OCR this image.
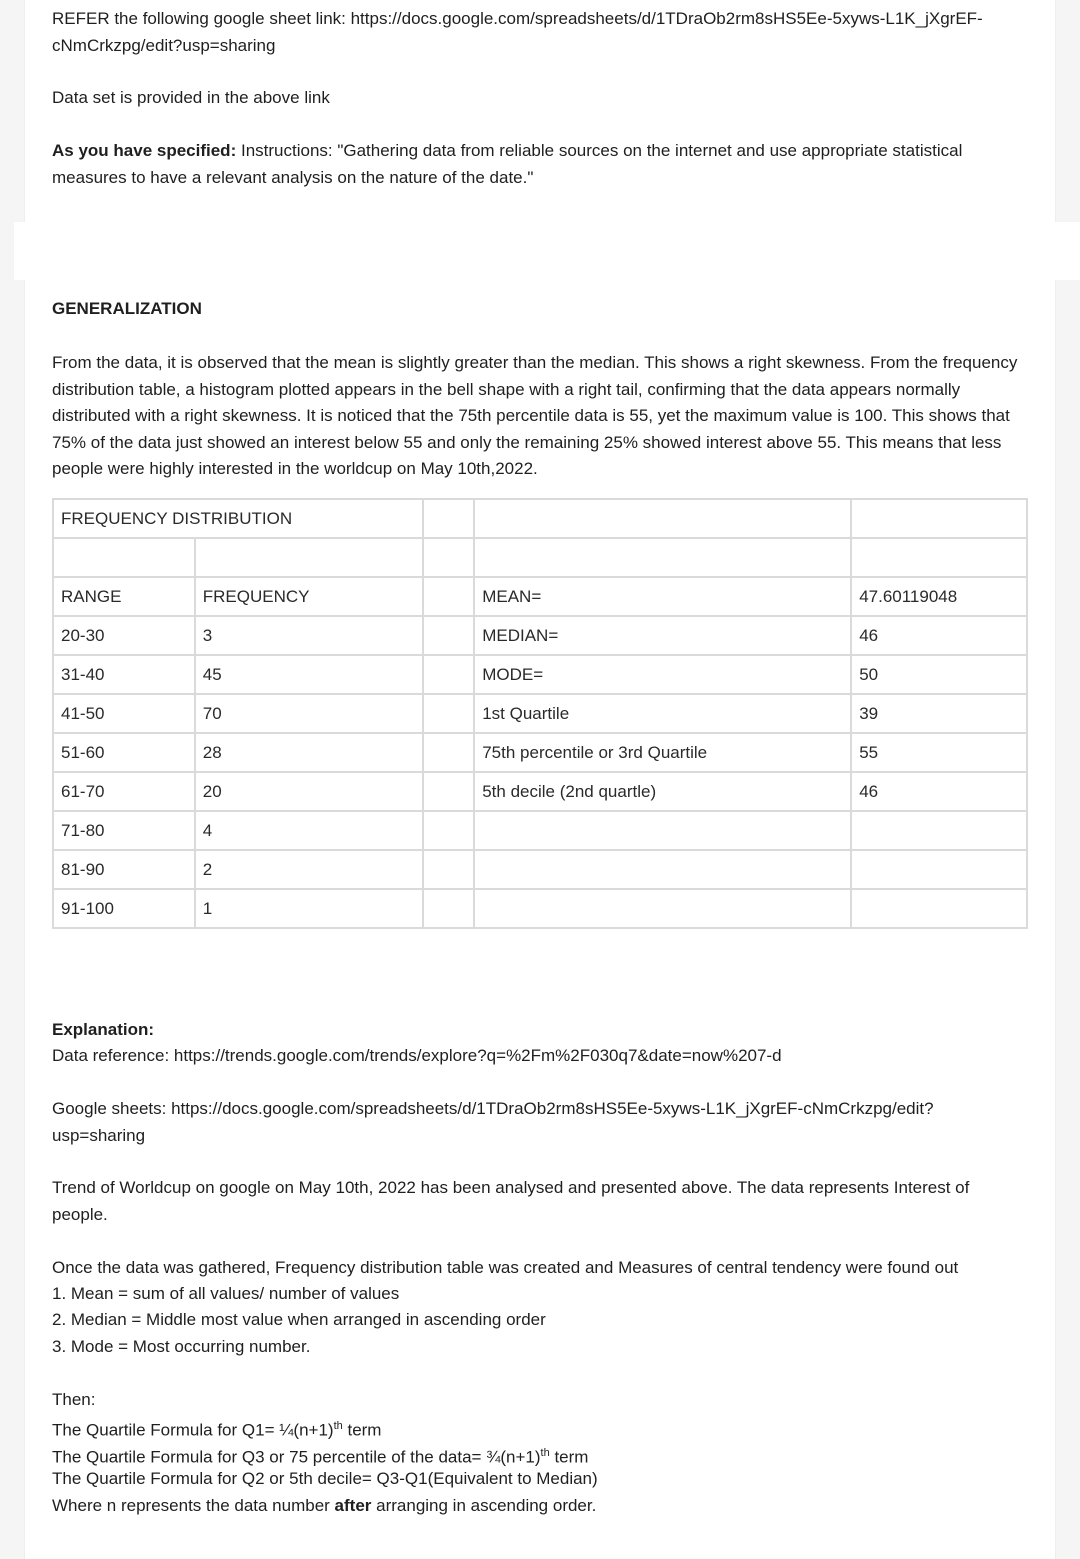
REFER the following google sheet link: https://docs.google.com/spreadsheets/d/1TDraOb2rm8sHS5Ee-5xyws-L1K_jXgrEF-cNmCrkzpg/edit?usp=sharing

Data set is provided in the above link

As you have specified: Instructions: "Gathering data from reliable sources on the internet and use appropriate statistical measures to have a relevant analysis on the nature of the date."

GENERALIZATION

From the data, it is observed that the mean is slightly greater than the median. This shows a right skewness. From the frequency distribution table, a histogram plotted appears in the bell shape with a right tail, confirming that the data appears normally distributed with a right skewness. It is noticed that the 75th percentile data is 55, yet the maximum value is 100. This shows that 75% of the data just showed an interest below 55 and only the remaining 25% showed interest above 55. This means that less people were highly interested in the worldcup on May 10th,2022.

FREQUENCY DISTRIBUTION				

RANGE	FREQUENCY		MEAN=	47.60119048
20-30	3		MEDIAN=	46
31-40	45		MODE=	50
41-50	70		1st Quartile	39
51-60	28		75th percentile or 3rd Quartile	55
61-70	20		5th decile (2nd quartle)	46
71-80	4			
81-90	2			
91-100	1			

Explanation:

Data reference: https://trends.google.com/trends/explore?q=%2Fm%2F030q7&date=now%207-d

Google sheets: https://docs.google.com/spreadsheets/d/1TDraOb2rm8sHS5Ee-5xyws-L1K_jXgrEF-cNmCrkzpg/edit?usp=sharing

Trend of Worldcup on google on May 10th, 2022 has been analysed and presented above. The data represents Interest of people.

Once the data was gathered, Frequency distribution table was created and Measures of central tendency were found out

1. Mean = sum of all values/ number of values

2. Median = Middle most value when arranged in ascending order

3. Mode = Most occurring number.

Then:

The Quartile Formula for $Q1= \frac{1}{4}(n+1)^{th}$ term

The Quartile Formula for Q3 or 75 percentile of the data= $\frac{3}{4}(n+1)^{th}$ term

The Quartile Formula for Q2 or 5th decile= Q3-Q1(Equivalent to Median)

Where n represents the data number after arranging in ascending order.
